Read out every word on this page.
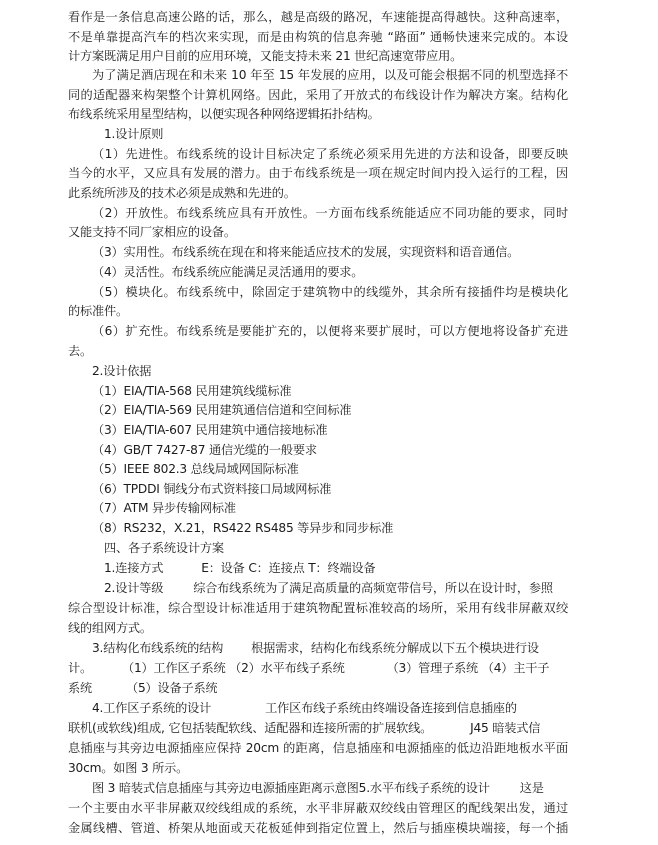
看作是一条信息高速公路的话，那么，越是高级的路况，车速能提高得越快。这种高速率，
不是单靠提高汽车的档次来实现，而是由构筑的信息奔驰 “路面” 通畅快速来完成的。本设
计方案既满足用户目前的应用环境，又能支持未来 21 世纪高速宽带应用。
为了满足酒店现在和未来 10 年至 15 年发展的应用，以及可能会根据不同的机型选择不
同的适配器来构架整个计算机网络。因此，采用了开放式的布线设计作为解决方案。结构化
布线系统采用星型结构，以便实现各种网络逻辑拓扑结构。
1.设计原则
（1）先进性。布线系统的设计目标决定了系统必须采用先进的方法和设备，即要反映
当今的水平，又应具有发展的潜力。由于布线系统是一项在规定时间内投入运行的工程，因
此系统所涉及的技术必须是成熟和先进的。
（2）开放性。布线系统应具有开放性。一方面布线系统能适应不同功能的要求，同时
又能支持不同厂家相应的设备。
（3）实用性。布线系统在现在和将来能适应技术的发展，实现资料和语音通信。
（4）灵活性。布线系统应能满足灵活通用的要求。
（5）模块化。布线系统中，除固定于建筑物中的线缆外，其余所有接插件均是模块化
的标准件。
（6）扩充性。布线系统是要能扩充的，以便将来要扩展时，可以方便地将设备扩充进
去。
2.设计依据
（1）EIA/TIA-568 民用建筑线缆标准
（2）EIA/TIA-569 民用建筑通信信道和空间标准
（3）EIA/TIA-607 民用建筑中通信接地标准
（4）GB/T 7427-87 通信光缆的一般要求
（5）IEEE 802.3 总线局域网国际标准
（6）TPDDI 铜线分布式资料接口局域网标准
（7）ATM 异步传输网标准
（8）RS232，X.21，RS422 RS485 等异步和同步标准
四、各子系统设计方案
1.连接方式	E：设备 C：连接点 T：终端设备
2.设计等级 综合布线系统为了满足高质量的高频宽带信号，所以在设计时，参照
综合型设计标准，综合型设计标准适用于建筑物配置标准较高的场所，采用有线非屏蔽双绞
线的组网方式。
3.结构化布线系统的结构 根据需求，结构化布线系统分解成以下五个模块进行设
计。 （1）工作区子系统 （2）水平布线子系统	（3）管理子系统 （4）主干子
系统	（5）设备子系统
4.工作区子系统的设计	工作区布线子系统由终端设备连接到信息插座的
联机(或软线)组成, 它包括装配软线、适配器和连接所需的扩展软线。	J45 暗装式信
息插座与其旁边电源插座应保持 20cm 的距离，信息插座和电源插座的低边沿距地板水平面
30cm。如图 3 所示。
图 3 暗装式信息插座与其旁边电源插座距离示意图5.水平布线子系统的设计 这是
一个主要由水平非屏蔽双绞线组成的系统，水平非屏蔽双绞线由管理区的配线架出发，通过
金属线槽、管道、桥架从地面或天花板延伸到指定位置上，然后与插座模块端接，每一个插
